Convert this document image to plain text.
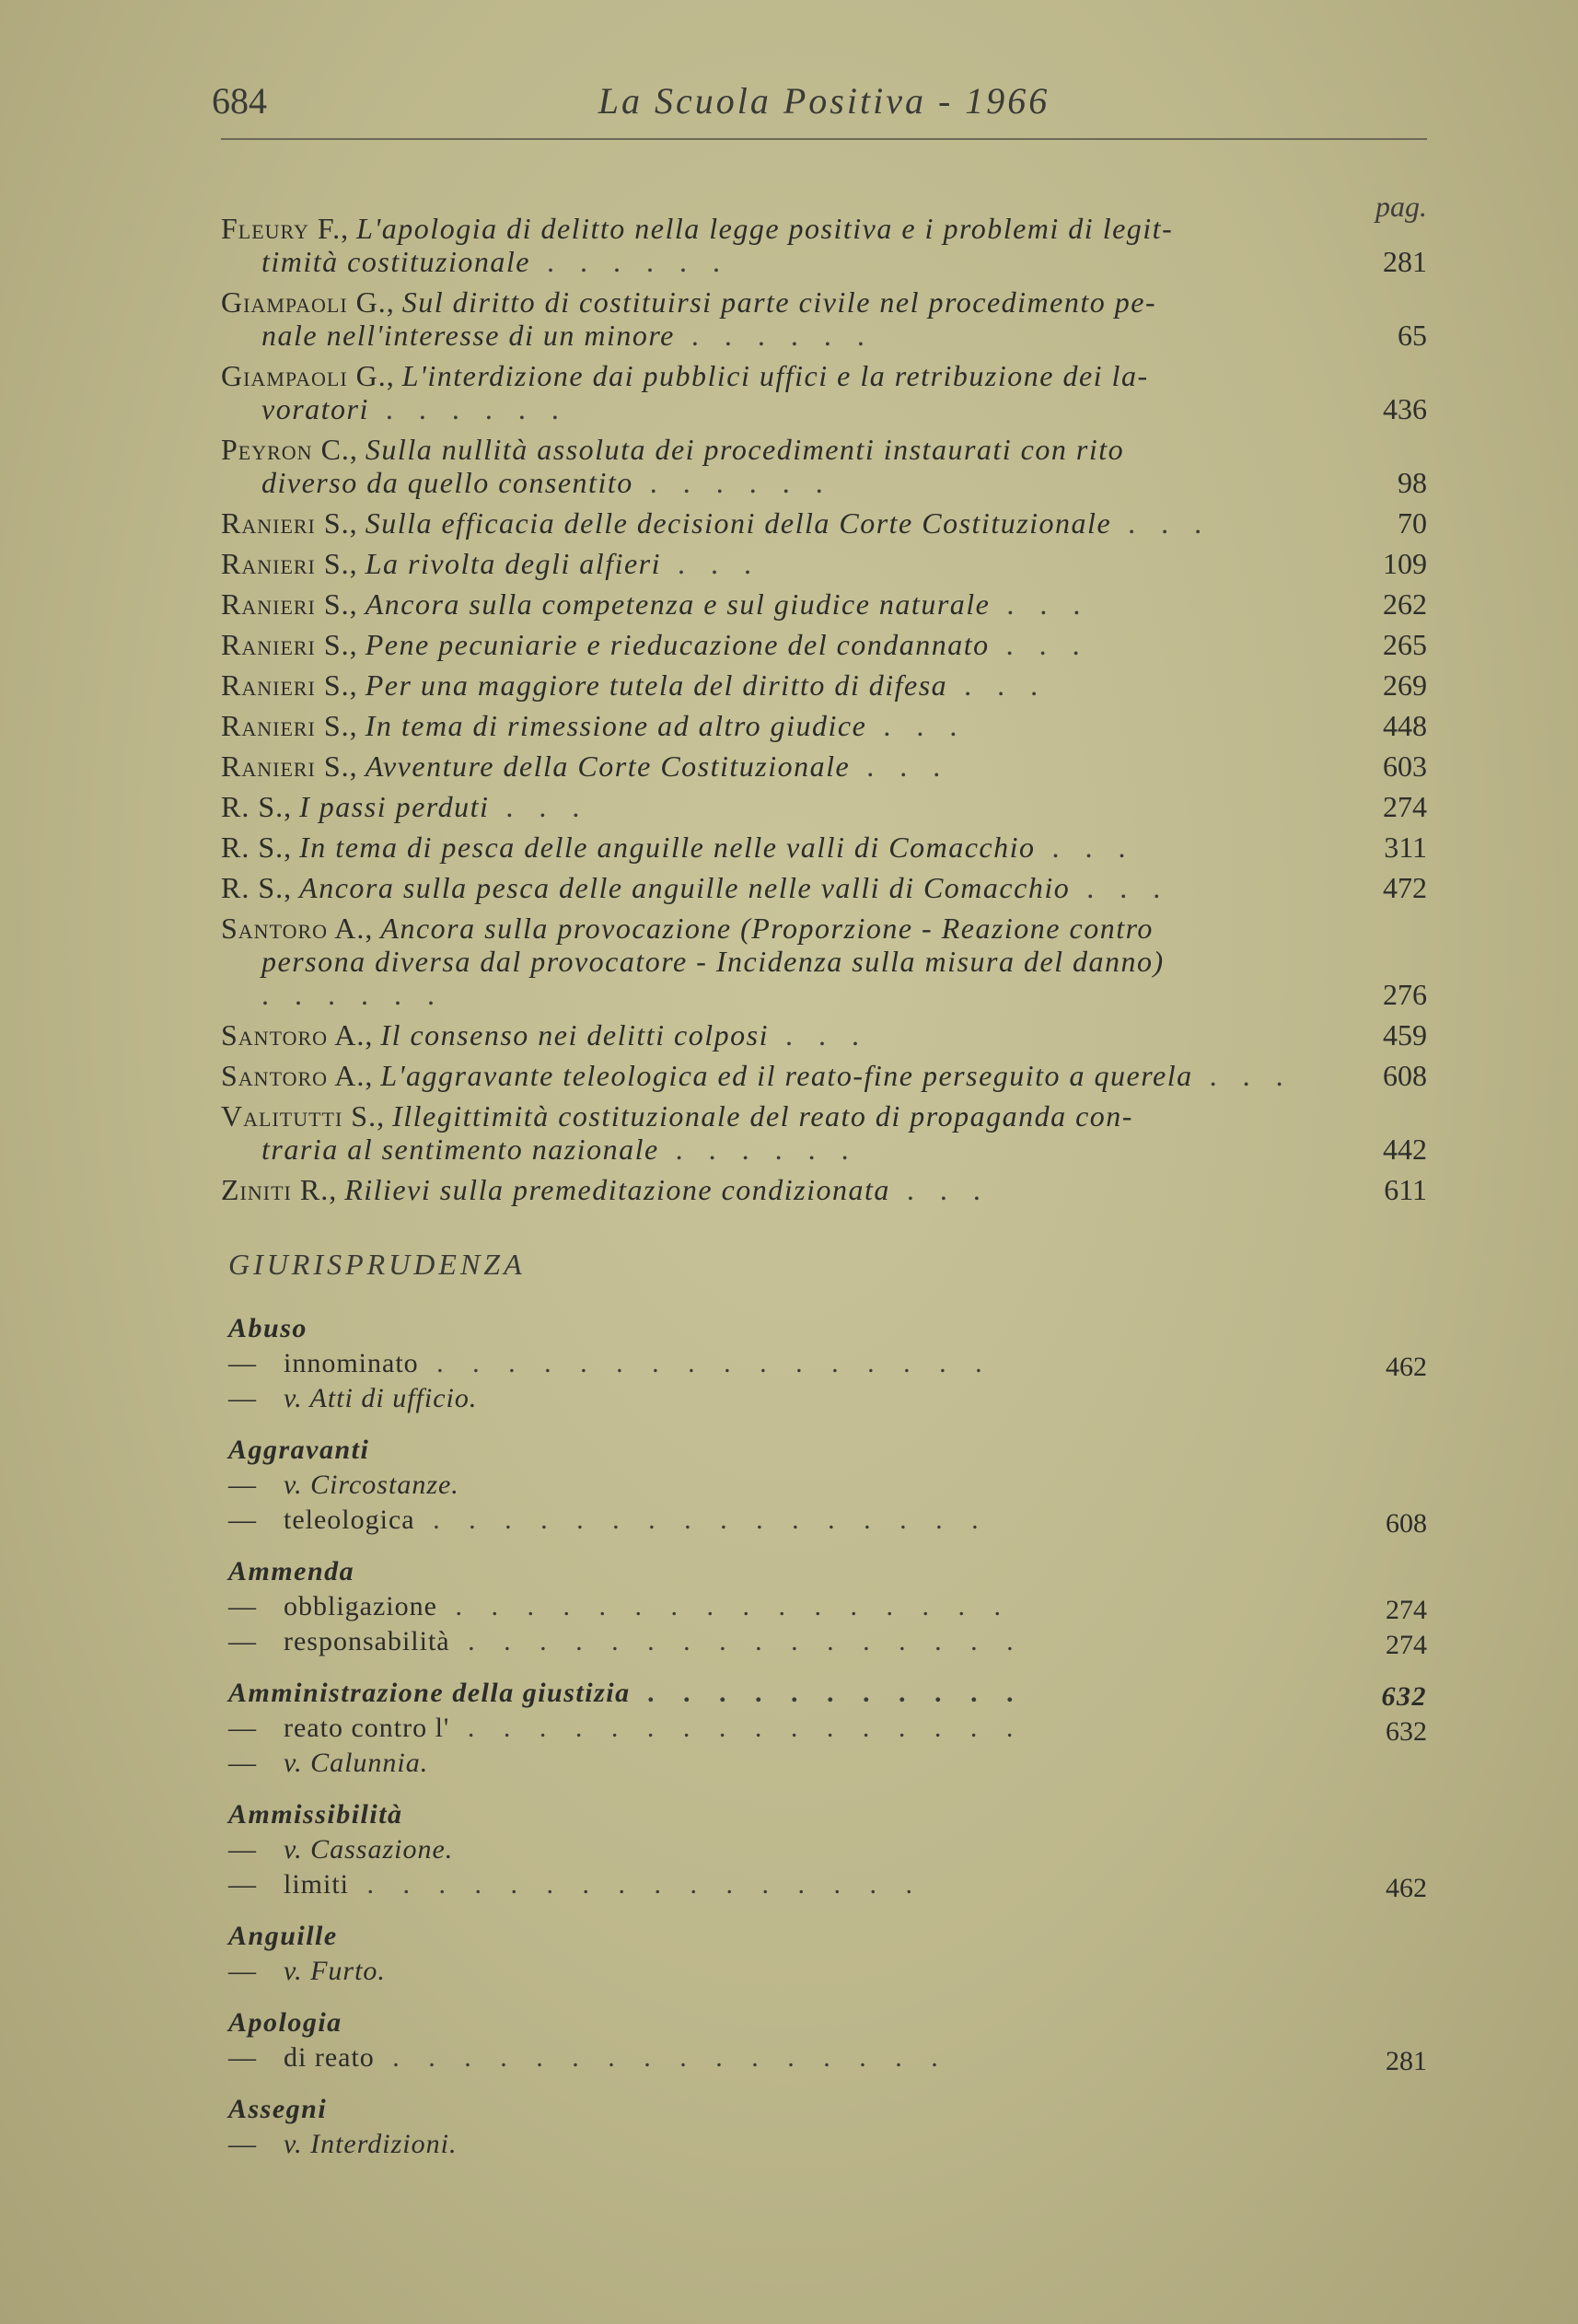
684	La Scuola Positiva - 1966
pag.
Fleury F., L'apologia di delitto nella legge positiva e i problemi di legit-
timità costituzionale . . . . . .	281
Giampaoli G., Sul diritto di costituirsi parte civile nel procedimento pe-
nale nell'interesse di un minore . . . . . .	65
Giampaoli G., L'interdizione dai pubblici uffici e la retribuzione dei la-
voratori . . . . . .	436
Peyron C., Sulla nullità assoluta dei procedimenti instaurati con rito
diverso da quello consentito . . . . . .	98
Ranieri S., Sulla efficacia delle decisioni della Corte Costituzionale . . .	70
Ranieri S., La rivolta degli alfieri . . .	109
Ranieri S., Ancora sulla competenza e sul giudice naturale . . .	262
Ranieri S., Pene pecuniarie e rieducazione del condannato . . .	265
Ranieri S., Per una maggiore tutela del diritto di difesa . . .	269
Ranieri S., In tema di rimessione ad altro giudice . . .	448
Ranieri S., Avventure della Corte Costituzionale . . .	603
R. S., I passi perduti . . .	274
R. S., In tema di pesca delle anguille nelle valli di Comacchio . . .	311
R. S., Ancora sulla pesca delle anguille nelle valli di Comacchio . . .	472
Santoro A., Ancora sulla provocazione (Proporzione - Reazione contro
persona diversa dal provocatore - Incidenza sulla misura del danno) . . . . . .	276
Santoro A., Il consenso nei delitti colposi . . .	459
Santoro A., L'aggravante teleologica ed il reato-fine perseguito a querela . . .	608
Valitutti S., Illegittimità costituzionale del reato di propaganda con-
traria al sentimento nazionale . . . . . .	442
Ziniti R., Rilievi sulla premeditazione condizionata . . .	611
GIURISPRUDENZA
Abuso
— innominato . . . . . . . . . . . . . . . .	462
— v. Atti di ufficio.
Aggravanti
— v. Circostanze.
— teleologica . . . . . . . . . . . . . . . .	608
Ammenda
— obbligazione . . . . . . . . . . . . . . . .	274
— responsabilità . . . . . . . . . . . . . . . .	274
Amministrazione della giustizia . . . . . . . . . . .	632
— reato contro l' . . . . . . . . . . . . . . . .	632
— v. Calunnia.
Ammissibilità
— v. Cassazione.
— limiti . . . . . . . . . . . . . . . .	462
Anguille
— v. Furto.
Apologia
— di reato . . . . . . . . . . . . . . . .	281
Assegni
— v. Interdizioni.
